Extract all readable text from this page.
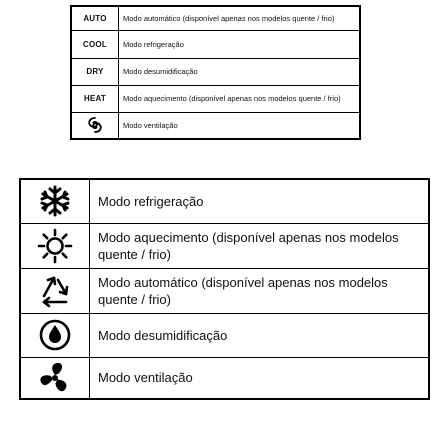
AUTO	Modo automático (disponível apenas nos modelos quente / frio)
COOL	Modo refrigeração
DRY	Modo desumidificação
HEAT	Modo aquecimento (disponível apenas nos modelos quente / frio)

	Modo ventilação
	Modo refrigeração

	Modo aquecimento (disponível apenas nos modelos quente / frio)

	Modo automático (disponível apenas nos modelos quente / frio)

	Modo desumidificação

	Modo ventilação
